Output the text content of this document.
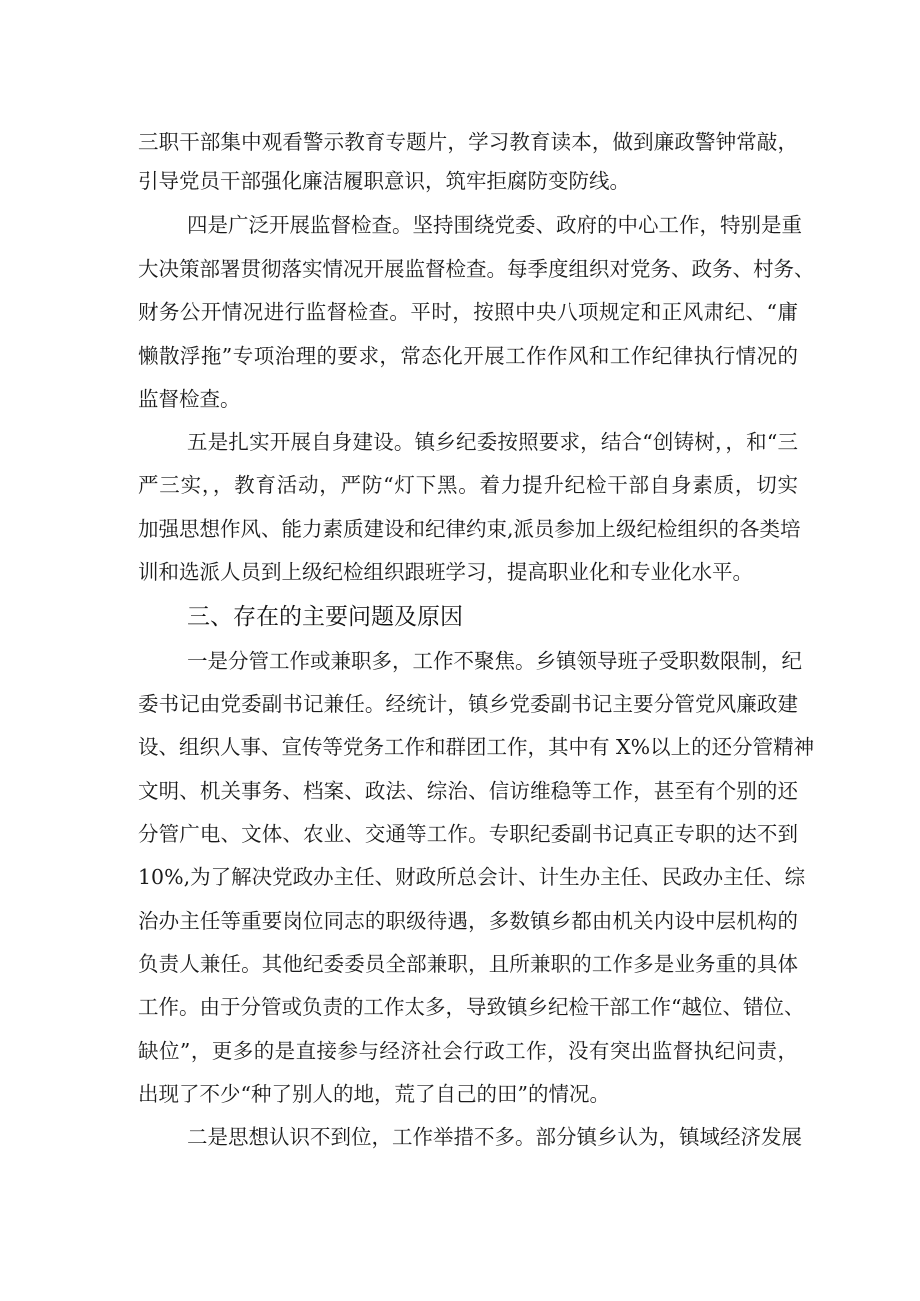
三职干部集中观看警示教育专题片，学习教育读本，做到廉政警钟常敲，
引导党员干部强化廉洁履职意识，筑牢拒腐防变防线。
四是广泛开展监督检查。坚持围绕党委、政府的中心工作，特别是重
大决策部署贯彻落实情况开展监督检查。每季度组织对党务、政务、村务、
财务公开情况进行监督检查。平时，按照中央八项规定和正风肃纪、“庸
懒散浮拖”专项治理的要求，常态化开展工作作风和工作纪律执行情况的
监督检查。
五是扎实开展自身建设。镇乡纪委按照要求，结合“创铸树，，和“三
严三实，，教育活动，严防“灯下黑。着力提升纪检干部自身素质，切实
加强思想作风、能力素质建设和纪律约束,派员参加上级纪检组织的各类培
训和选派人员到上级纪检组织跟班学习，提高职业化和专业化水平。
三、存在的主要问题及原因
一是分管工作或兼职多，工作不聚焦。乡镇领导班子受职数限制，纪
委书记由党委副书记兼任。经统计，镇乡党委副书记主要分管党风廉政建
设、组织人事、宣传等党务工作和群团工作，其中有 X%以上的还分管精神
文明、机关事务、档案、政法、综治、信访维稳等工作，甚至有个别的还
分管广电、文体、农业、交通等工作。专职纪委副书记真正专职的达不到
10%,为了解决党政办主任、财政所总会计、计生办主任、民政办主任、综
治办主任等重要岗位同志的职级待遇，多数镇乡都由机关内设中层机构的
负责人兼任。其他纪委委员全部兼职，且所兼职的工作多是业务重的具体
工作。由于分管或负责的工作太多，导致镇乡纪检干部工作“越位、错位、
缺位”，更多的是直接参与经济社会行政工作，没有突出监督执纪问责，
出现了不少“种了别人的地，荒了自己的田”的情况。
二是思想认识不到位，工作举措不多。部分镇乡认为，镇域经济发展
